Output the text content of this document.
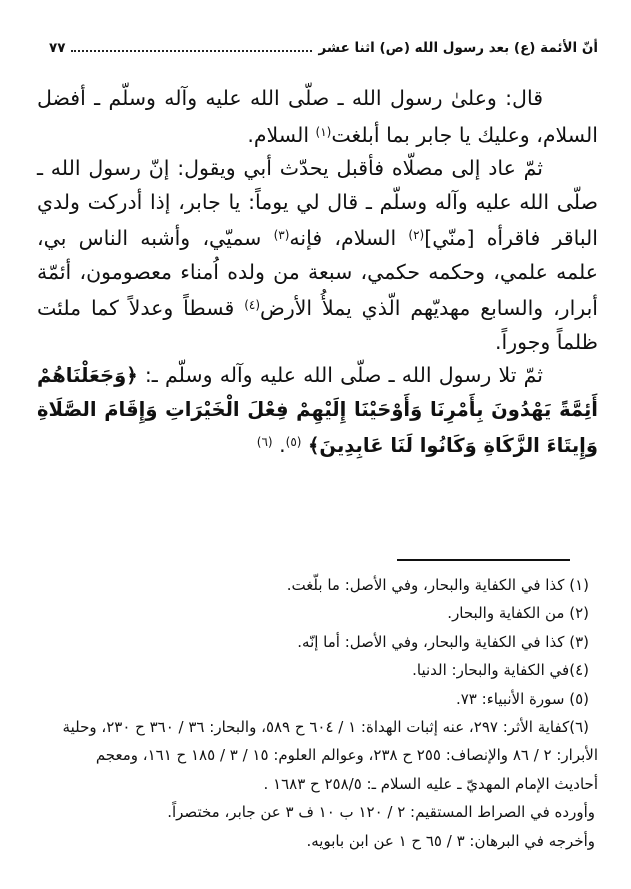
أنّ الأئمة (ع) بعد رسول الله (ص) اثنا عشر
٧٧

قال: وعلىٰ رسول الله ـ صلّى الله عليه وآله وسلّم ـ أفضل السلام، وعليك يا جابر بما أبلغت$^{(١)}$ السلام.

ثمّ عاد إلى مصلّاه فأقبل يحدّث أبي ويقول: إنّ رسول الله ـ صلّى الله عليه وآله وسلّم ـ قال لي يوماً: يا جابر، إذا أدركت ولدي الباقر فاقرأه [منّي]$^{(٢)}$ السلام، فإنه$^{(٣)}$ سميّي، وأشبه الناس بي، علمه علمي، وحكمه حكمي، سبعة من ولده اُمناء معصومون، أئمّة أبرار، والسابع مهديّهم الّذي يملأُ الأرض$^{(٤)}$ قسطاً وعدلاً كما ملئت ظلماً وجوراً.

ثمّ تلا رسول الله ـ صلّى الله عليه وآله وسلّم ـ: ﴿وَجَعَلْنَاهُمْ أَئِمَّةً يَهْدُونَ بِأَمْرِنَا وَأَوْحَيْنَا إِلَيْهِمْ فِعْلَ الْخَيْرَاتِ وَإِقَامَ الصَّلَاةِ وَإِيتَاءَ الزَّكَاةِ وَكَانُوا لَنَا عَابِدِينَ﴾ $^{(٥)}$. $^{(٦)}$

(١) كذا في الكفاية والبحار، وفي الأصل: ما بلّغت.
(٢) من الكفاية والبحار.
(٣) كذا في الكفاية والبحار، وفي الأصل: أما إنّه.
(٤)في الكفاية والبحار: الدنيا.
(٥) سورة الأنبياء: ٧٣.
(٦)كفاية الأثر: ٢٩٧، عنه إثبات الهداة: ١ / ٦٠٤ ح ٥٨٩، والبحار: ٣٦ / ٣٦٠ ح ٢٣٠، وحلية
الأبرار: ٢ / ٨٦ والإنصاف: ٢٥٥ ح ٢٣٨، وعوالم العلوم: ١٥ / ٣ / ١٨٥ ح ١٦١، ومعجم
أحاديث الإمام المهديّ ـ عليه السلام ـ: ٢٥٨/٥ ح ١٦٨٣ .
وأورده في الصراط المستقيم: ٢ / ١٢٠ ب ١٠ ف ٣ عن جابر، مختصراً.
وأخرجه في البرهان: ٣ / ٦٥ ح ١ عن ابن بابويه.
